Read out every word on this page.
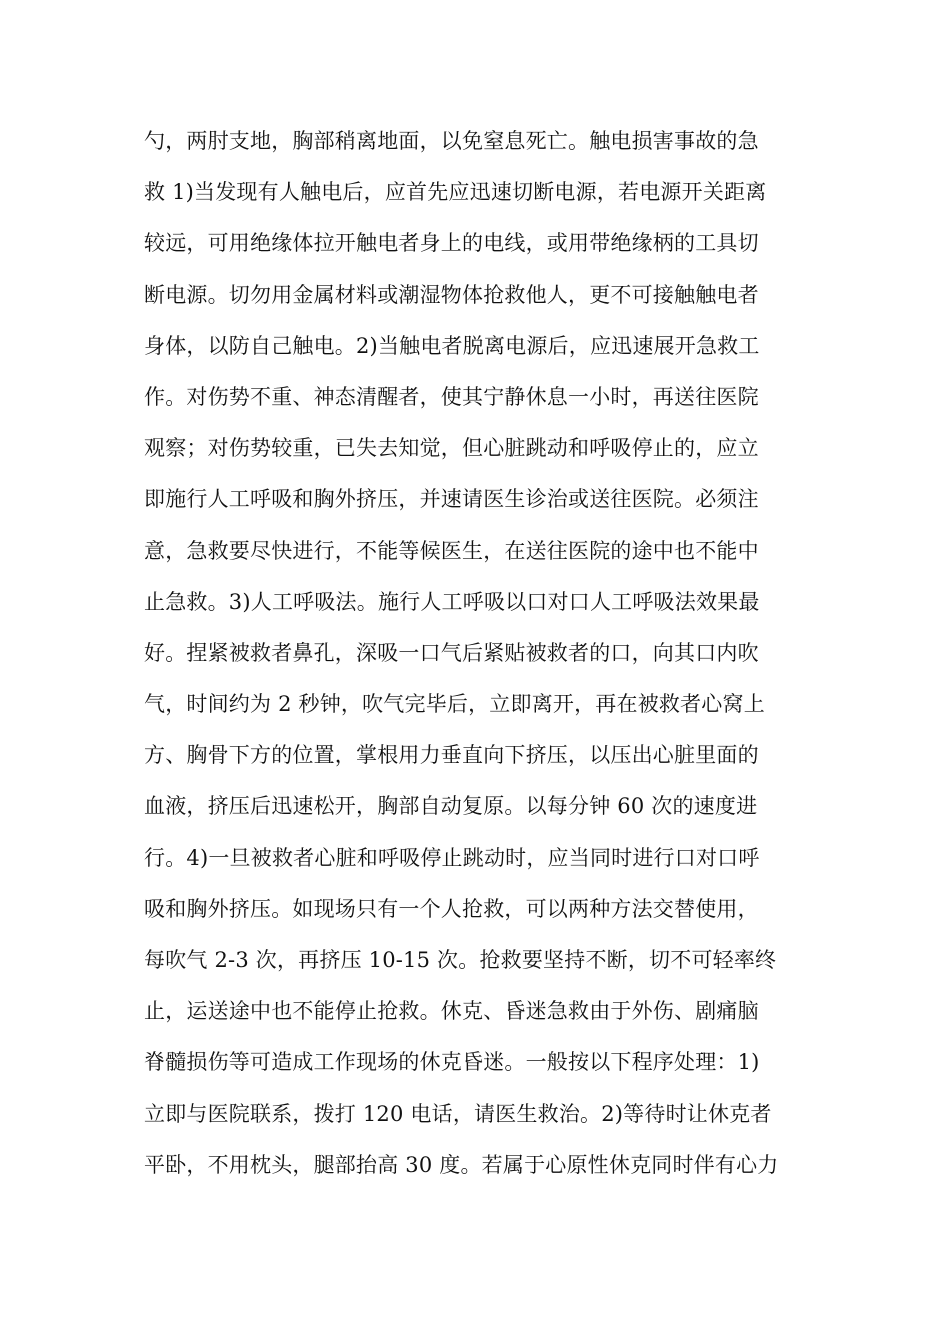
勺，两肘支地，胸部稍离地面，以免窒息死亡。触电损害事故的急
救 1)当发现有人触电后，应首先应迅速切断电源，若电源开关距离
较远，可用绝缘体拉开触电者身上的电线，或用带绝缘柄的工具切
断电源。切勿用金属材料或潮湿物体抢救他人，更不可接触触电者
身体，以防自己触电。2)当触电者脱离电源后，应迅速展开急救工
作。对伤势不重、神态清醒者，使其宁静休息一小时，再送往医院
观察；对伤势较重，已失去知觉，但心脏跳动和呼吸停止的，应立
即施行人工呼吸和胸外挤压，并速请医生诊治或送往医院。必须注
意，急救要尽快进行，不能等候医生，在送往医院的途中也不能中
止急救。3)人工呼吸法。施行人工呼吸以口对口人工呼吸法效果最
好。捏紧被救者鼻孔，深吸一口气后紧贴被救者的口，向其口内吹
气，时间约为 2 秒钟，吹气完毕后，立即离开，再在被救者心窝上
方、胸骨下方的位置，掌根用力垂直向下挤压，以压出心脏里面的
血液，挤压后迅速松开，胸部自动复原。以每分钟 60 次的速度进
行。4)一旦被救者心脏和呼吸停止跳动时，应当同时进行口对口呼
吸和胸外挤压。如现场只有一个人抢救，可以两种方法交替使用，
每吹气 2-3 次，再挤压 10-15 次。抢救要坚持不断，切不可轻率终
止，运送途中也不能停止抢救。休克、昏迷急救由于外伤、剧痛脑
脊髓损伤等可造成工作现场的休克昏迷。一般按以下程序处理：1)
立即与医院联系，拨打 120 电话，请医生救治。2)等待时让休克者
平卧，不用枕头，腿部抬高 30 度。若属于心原性休克同时伴有心力
